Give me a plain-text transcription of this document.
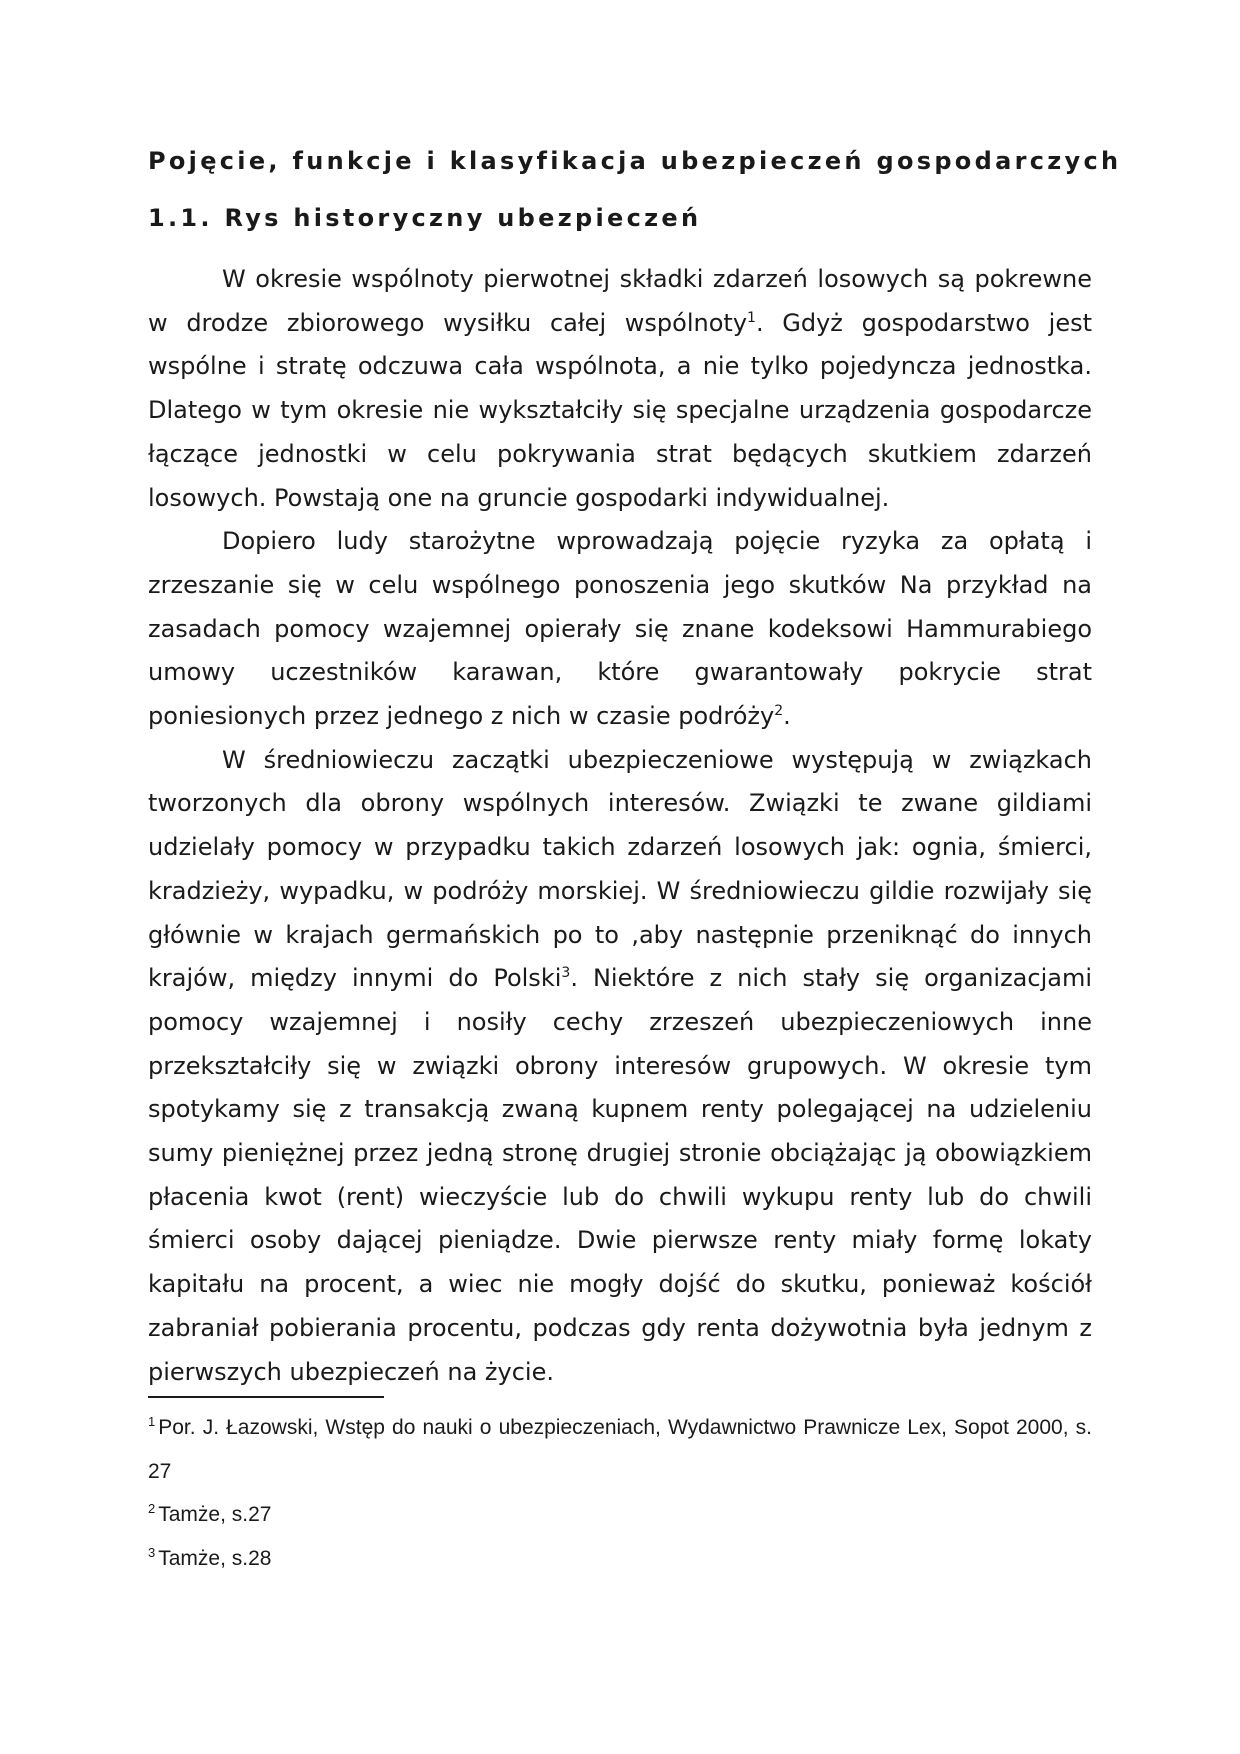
Pojęcie, funkcje i klasyfikacja ubezpieczeń gospodarczych
1.1. Rys historyczny ubezpieczeń

W okresie wspólnoty pierwotnej składki zdarzeń losowych są pokrewne w drodze zbiorowego wysiłku całej wspólnoty$^1$. Gdyż gospodarstwo jest wspólne i stratę odczuwa cała wspólnota, a nie tylko pojedyncza jednostka. Dlatego w tym okresie nie wykształciły się specjalne urządzenia gospodarcze łączące jednostki w celu pokrywania strat będących skutkiem zdarzeń losowych. Powstają one na gruncie gospodarki indywidualnej.

Dopiero ludy starożytne wprowadzają pojęcie ryzyka za opłatą i zrzeszanie się w celu wspólnego ponoszenia jego skutków Na przykład na zasadach pomocy wzajemnej opierały się znane kodeksowi Hammurabiego umowy uczestników karawan, które gwarantowały pokrycie strat poniesionych przez jednego z nich w czasie podróży$^2$.

W średniowieczu zaczątki ubezpieczeniowe występują w związkach tworzonych dla obrony wspólnych interesów. Związki te zwane gildiami udzielały pomocy w przypadku takich zdarzeń losowych jak: ognia, śmierci, kradzieży, wypadku, w podróży morskiej. W średniowieczu gildie rozwijały się głównie w krajach germańskich po to ,aby następnie przeniknąć do innych krajów, między innymi do Polski$^3$. Niektóre z nich stały się organizacjami pomocy wzajemnej i nosiły cechy zrzeszeń ubezpieczeniowych inne przekształciły się w związki obrony interesów grupowych. W okresie tym spotykamy się z transakcją zwaną kupnem renty polegającej na udzieleniu sumy pieniężnej przez jedną stronę drugiej stronie obciążając ją obowiązkiem płacenia kwot (rent) wieczyście lub do chwili wykupu renty lub do chwili śmierci osoby dającej pieniądze. Dwie pierwsze renty miały formę lokaty kapitału na procent, a wiec nie mogły dojść do skutku, ponieważ kościół zabraniał pobierania procentu, podczas gdy renta dożywotnia była jednym z pierwszych ubezpieczeń na życie.

$^1$ Por. J. Łazowski, Wstęp do nauki o ubezpieczeniach, Wydawnictwo Prawnicze Lex, Sopot 2000, s. 27

$^2$ Tamże, s.27

$^3$ Tamże, s.28
